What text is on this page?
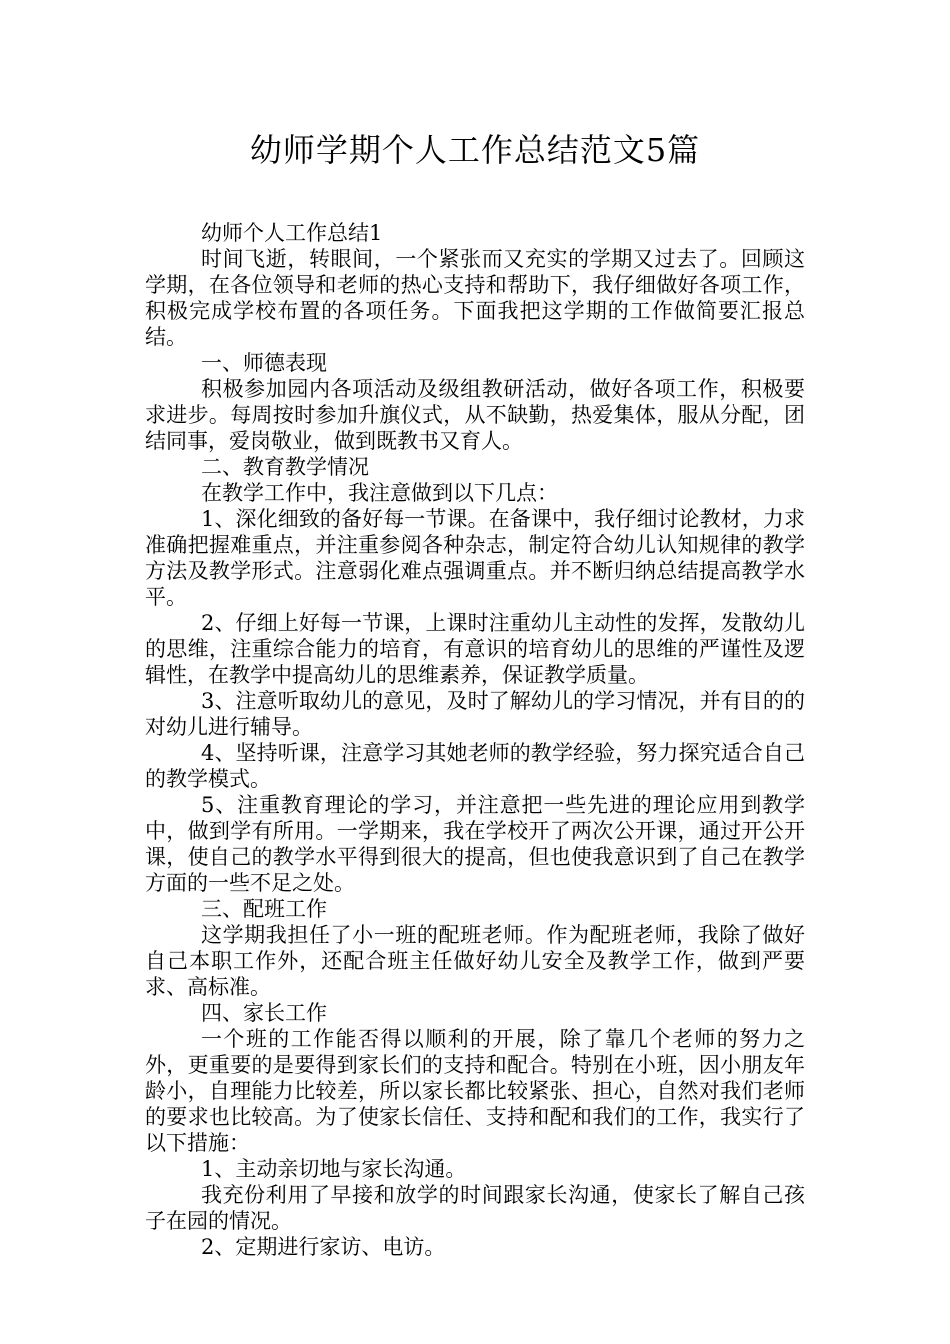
幼师学期个人工作总结范文5篇

幼师个人工作总结1

时间飞逝，转眼间，一个紧张而又充实的学期又过去了。回顾这学期，在各位领导和老师的热心支持和帮助下，我仔细做好各项工作，积极完成学校布置的各项任务。下面我把这学期的工作做简要汇报总结。

一、师德表现

积极参加园内各项活动及级组教研活动，做好各项工作，积极要求进步。每周按时参加升旗仪式，从不缺勤，热爱集体，服从分配，团结同事，爱岗敬业，做到既教书又育人。

二、教育教学情况

在教学工作中，我注意做到以下几点：

1、深化细致的备好每一节课。在备课中，我仔细讨论教材，力求准确把握难重点，并注重参阅各种杂志，制定符合幼儿认知规律的教学方法及教学形式。注意弱化难点强调重点。并不断归纳总结提高教学水平。

2、仔细上好每一节课，上课时注重幼儿主动性的发挥，发散幼儿的思维，注重综合能力的培育，有意识的培育幼儿的思维的严谨性及逻辑性，在教学中提高幼儿的思维素养，保证教学质量。

3、注意听取幼儿的意见，及时了解幼儿的学习情况，并有目的的对幼儿进行辅导。

4、坚持听课，注意学习其她老师的教学经验，努力探究适合自己的教学模式。

5、注重教育理论的学习，并注意把一些先进的理论应用到教学中，做到学有所用。一学期来，我在学校开了两次公开课，通过开公开课，使自己的教学水平得到很大的提高，但也使我意识到了自己在教学方面的一些不足之处。

三、配班工作

这学期我担任了小一班的配班老师。作为配班老师，我除了做好自己本职工作外，还配合班主任做好幼儿安全及教学工作，做到严要求、高标准。

四、家长工作

一个班的工作能否得以顺利的开展，除了靠几个老师的努力之外，更重要的是要得到家长们的支持和配合。特别在小班，因小朋友年龄小，自理能力比较差，所以家长都比较紧张、担心，自然对我们老师的要求也比较高。为了使家长信任、支持和配和我们的工作，我实行了以下措施：

1、主动亲切地与家长沟通。

我充份利用了早接和放学的时间跟家长沟通，使家长了解自己孩子在园的情况。

2、定期进行家访、电访。
